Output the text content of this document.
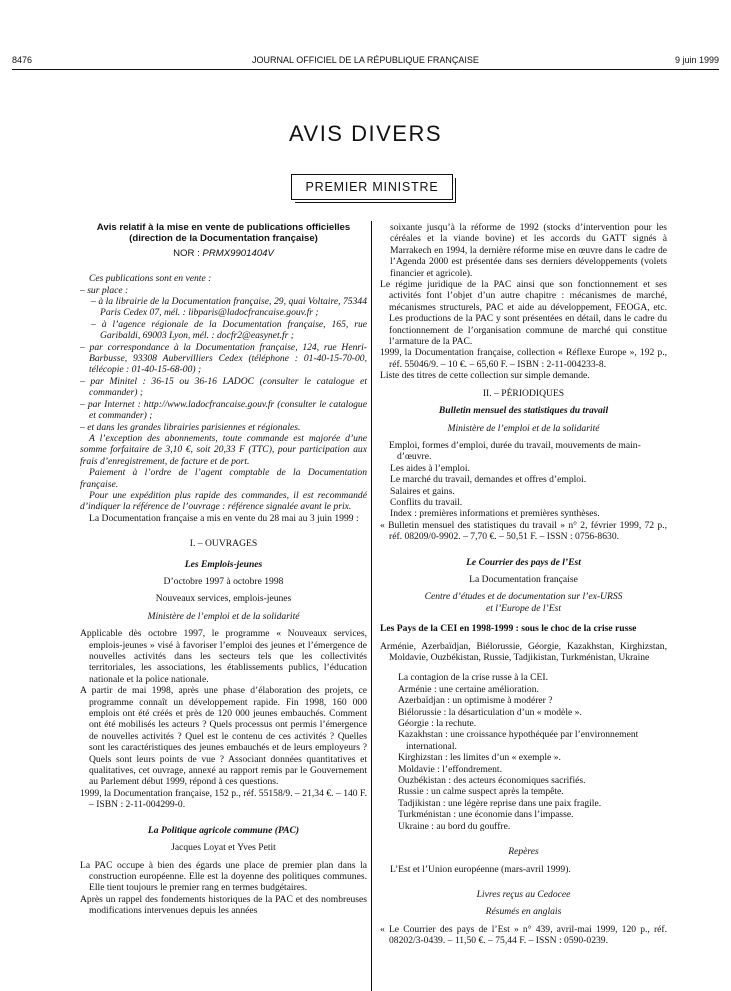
8476	JOURNAL OFFICIEL DE LA RÉPUBLIQUE FRANÇAISE	9 juin 1999
AVIS DIVERS
PREMIER MINISTRE

Avis relatif à la mise en vente de publications officielles

(direction de la Documentation française)

NOR : PRMX9901404V

Ces publications sont en vente :

– sur place :

– à la librairie de la Documentation française, 29, quai Voltaire, 75344 Paris Cedex 07, mél. : libparis@ladocfrancaise.gouv.fr ;

– à l’agence régionale de la Documentation française, 165, rue Garibaldi, 69003 Lyon, mél. : docfr2@easynet.fr ;

– par correspondance à la Documentation française, 124, rue Henri-Barbusse, 93308 Aubervilliers Cedex (téléphone : 01-40-15-70-00, télécopie : 01-40-15-68-00) ;

– par Minitel : 36-15 ou 36-16 LADOC (consulter le catalogue et commander) ;

– par Internet : http://www.ladocfrancaise.gouv.fr (consulter le catalogue et commander) ;

– et dans les grandes librairies parisiennes et régionales.

A l’exception des abonnements, toute commande est majorée d’une somme forfaitaire de 3,10 €, soit 20,33 F (TTC), pour participation aux frais d’enregistrement, de facture et de port.

Paiement à l’ordre de l’agent comptable de la Documentation française.

Pour une expédition plus rapide des commandes, il est recommandé d’indiquer la référence de l’ouvrage : référence signalée avant le prix.

La Documentation française a mis en vente du 28 mai au 3 juin 1999 :

I. – OUVRAGES

Les Emplois-jeunes

D’octobre 1997 à octobre 1998

Nouveaux services, emplois-jeunes

Ministère de l’emploi et de la solidarité

Applicable dès octobre 1997, le programme « Nouveaux services, emplois-jeunes » visé à favoriser l’emploi des jeunes et l’émergence de nouvelles activités dans les secteurs tels que les collectivités territoriales, les associations, les établissements publics, l’éducation nationale et la police nationale.

A partir de mai 1998, après une phase d’élaboration des projets, ce programme connaît un développement rapide. Fin 1998, 160 000 emplois ont été créés et près de 120 000 jeunes embauchés. Comment ont été mobilisés les acteurs ? Quels processus ont permis l’émergence de nouvelles activités ? Quel est le contenu de ces activités ? Quelles sont les caractéristiques des jeunes embauchés et de leurs employeurs ? Quels sont leurs points de vue ? Associant données quantitatives et qualitatives, cet ouvrage, annexé au rapport remis par le Gouvernement au Parlement début 1999, répond à ces questions.

1999, la Documentation française, 152 p., réf. 55158/9. – 21,34 €. – 140 F. – ISBN : 2-11-004299-0.

La Politique agricole commune (PAC)

Jacques Loyat et Yves Petit

La PAC occupe à bien des égards une place de premier plan dans la construction européenne. Elle est la doyenne des politiques communes. Elle tient toujours le premier rang en termes budgétaires.

Après un rappel des fondements historiques de la PAC et des nombreuses modifications intervenues depuis les années

soixante jusqu’à la réforme de 1992 (stocks d’intervention pour les céréales et la viande bovine) et les accords du GATT signés à Marrakech en 1994, la dernière réforme mise en œuvre dans le cadre de l’Agenda 2000 est présentée dans ses derniers développements (volets financier et agricole).

Le régime juridique de la PAC ainsi que son fonctionnement et ses activités font l’objet d’un autre chapitre : mécanismes de marché, mécanismes structurels, PAC et aide au développement, FEOGA, etc. Les productions de la PAC y sont présentées en détail, dans le cadre du fonctionnement de l’organisation commune de marché qui constitue l’armature de la PAC.

1999, la Documentation française, collection « Réflexe Europe », 192 p., réf. 55046/9. – 10 €. – 65,60 F. – ISBN : 2-11-004233-8.

Liste des titres de cette collection sur simple demande.

II. – PÉRIODIQUES

Bulletin mensuel des statistiques du travail

Ministère de l’emploi et de la solidarité

Emploi, formes d’emploi, durée du travail, mouvements de main-d’œuvre.

Les aides à l’emploi.

Le marché du travail, demandes et offres d’emploi.

Salaires et gains.

Conflits du travail.

Index : premières informations et premières synthèses.

« Bulletin mensuel des statistiques du travail » n° 2, février 1999, 72 p., réf. 08209/0-9902. – 7,70 €. – 50,51 F. – ISSN : 0756-8630.

Le Courrier des pays de l’Est

La Documentation française

Centre d’études et de documentation sur l’ex-URSS

et l’Europe de l’Est

Les Pays de la CEI en 1998-1999 : sous le choc de la crise russe

Arménie, Azerbaïdjan, Biélorussie, Géorgie, Kazakhstan, Kirghizstan, Moldavie, Ouzbékistan, Russie, Tadjikistan, Turkménistan, Ukraine

La contagion de la crise russe à la CEI.

Arménie : une certaine amélioration.

Azerbaïdjan : un optimisme à modérer ?

Biélorussie : la désarticulation d’un « modèle ».

Géorgie : la rechute.

Kazakhstan : une croissance hypothéquée par l’environnement international.

Kirghizstan : les limites d’un « exemple ».

Moldavie : l’effondrement.

Ouzbékistan : des acteurs économiques sacrifiés.

Russie : un calme suspect après la tempête.

Tadjikistan : une légère reprise dans une paix fragile.

Turkménistan : une économie dans l’impasse.

Ukraine : au bord du gouffre.

Repères

L’Est et l’Union européenne (mars-avril 1999).

Livres reçus au Cedocee

Résumés en anglais

« Le Courrier des pays de l’Est » n° 439, avril-mai 1999, 120 p., réf. 08202/3-0439. – 11,50 €. – 75,44 F. – ISSN : 0590-0239.
